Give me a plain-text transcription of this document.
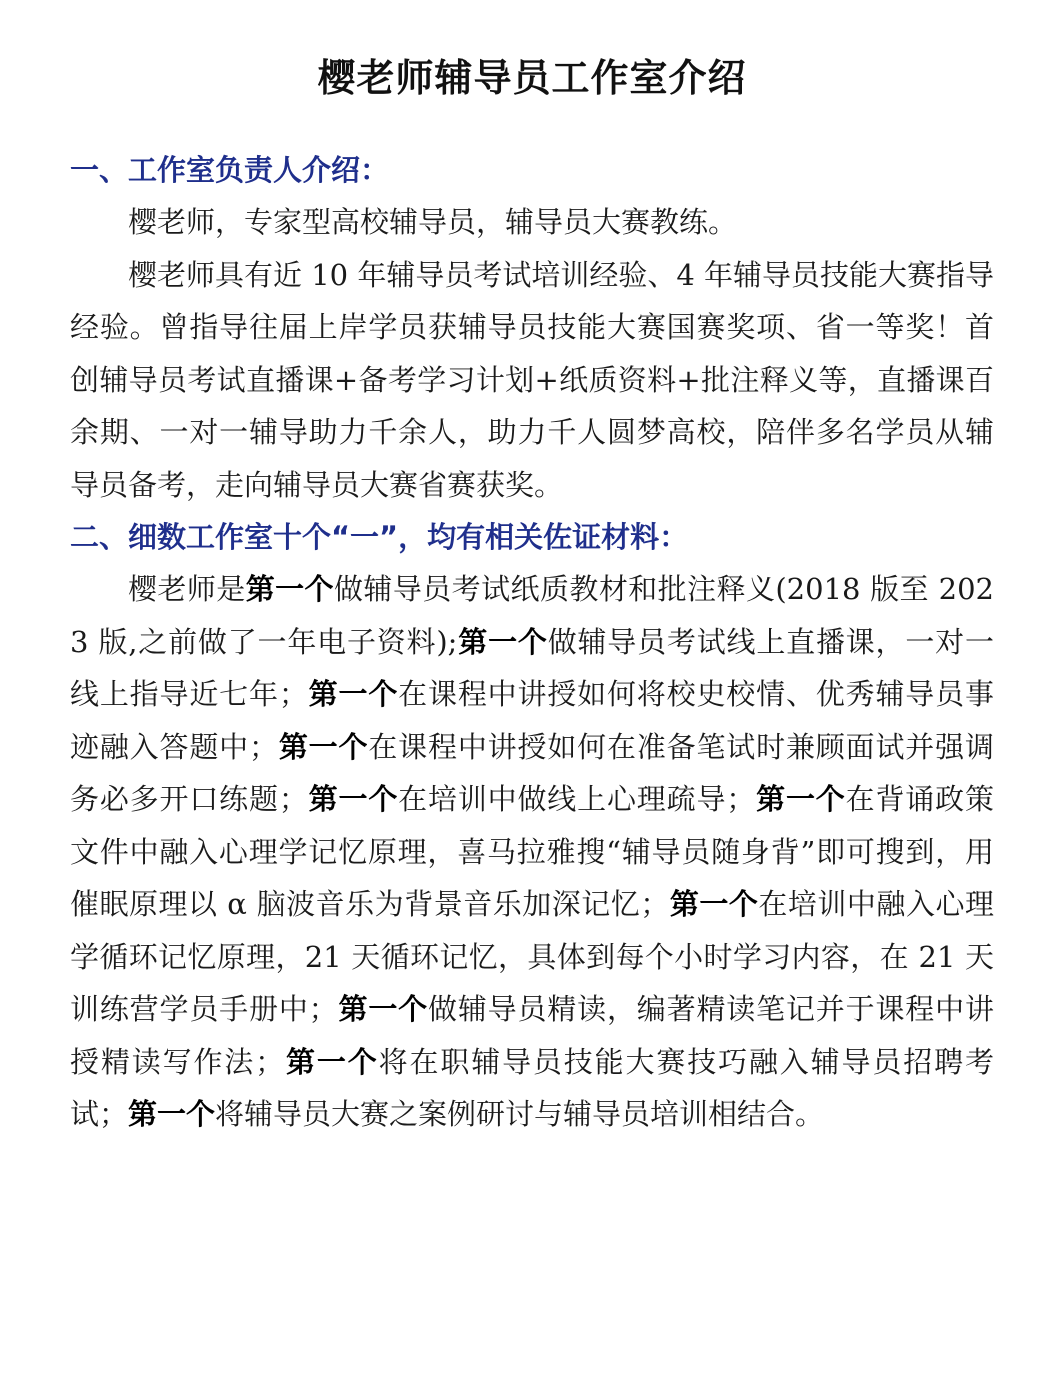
樱老师辅导员工作室介绍
一、工作室负责人介绍：

樱老师，专家型高校辅导员，辅导员大赛教练。

樱老师具有近 10 年辅导员考试培训经验、4 年辅导员技能大赛指导经验。曾指导往届上岸学员获辅导员技能大赛国赛奖项、省一等奖！首创辅导员考试直播课+备考学习计划+纸质资料+批注释义等，直播课百余期、一对一辅导助力千余人，助力千人圆梦高校，陪伴多名学员从辅导员备考，走向辅导员大赛省赛获奖。

二、细数工作室十个“一”，均有相关佐证材料：

樱老师是第一个做辅导员考试纸质教材和批注释义(2018 版至 2023 版,之前做了一年电子资料);第一个做辅导员考试线上直播课，一对一线上指导近七年；第一个在课程中讲授如何将校史校情、优秀辅导员事迹融入答题中；第一个在课程中讲授如何在准备笔试时兼顾面试并强调务必多开口练题；第一个在培训中做线上心理疏导；第一个在背诵政策文件中融入心理学记忆原理，喜马拉雅搜“辅导员随身背”即可搜到，用催眠原理以 α 脑波音乐为背景音乐加深记忆；第一个在培训中融入心理学循环记忆原理，21 天循环记忆，具体到每个小时学习内容，在 21 天训练营学员手册中；第一个做辅导员精读，编著精读笔记并于课程中讲授精读写作法；第一个将在职辅导员技能大赛技巧融入辅导员招聘考试；第一个将辅导员大赛之案例研讨与辅导员培训相结合。
